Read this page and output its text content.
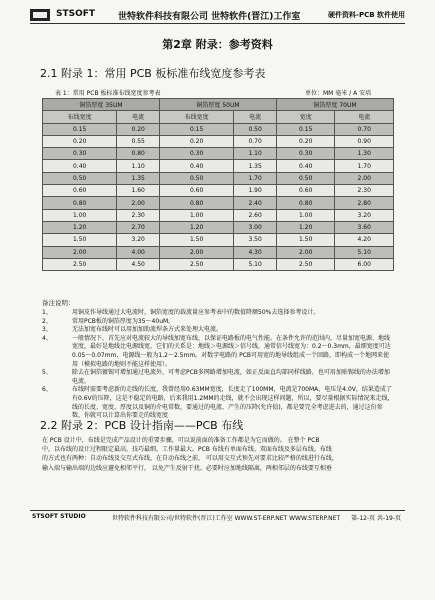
STSOFT	世特软件科技有限公司 世特软件(晋江)工作室	硬件资料-PCB 软件使用
第2章 附录：参考资料
2.1 附录 1：常用 PCB 板标准布线宽度参考表
表 1：常用 PCB 板标准布线宽度参考表	单位：MM 毫米 / A 安培
铜箔厚度 35UM		铜箔厚度 50UM		铜箔厚度 70UM	
布线宽度	电流	布线宽度	电流	宽度	电流
0.15	0.20	0.15	0.50	0.15	0.70
0.20	0.55	0.20	0.70	0.20	0.90
0.30	0.80	0.30	1.10	0.30	1.30
0.40	1.10	0.40	1.35	0.40	1.70
0.50	1.35	0.50	1.70	0.50	2.00
0.60	1.60	0.60	1.90	0.60	2.30
0.80	2.00	0.80	2.40	0.80	2.80
1.00	2.30	1.00	2.60	1.00	3.20
1.20	2.70	1.20	3.00	1.20	3.60
1.50	3.20	1.50	3.50	1.50	4.20
2.00	4.00	2.00	4.30	2.00	5.10
2.50	4.50	2.50	5.10	2.50	6.00
备注说明：
1、	用铜皮作导线通过大电流时，铜箔宽度的载流量应参考表中的数值降额50%去选择参考设计。
2、	常用PCB板的铜箔厚度为35～40uM。
3、	无法加宽布线时可以用加加助流焊条方式来处理大电流。
4、	一般情况下，首先应对电流较大的导线加宽布线，以保证电路板的电气性能。在条件允许的范围内，尽量加宽电源、地线宽度，最好是地线比电源线宽，它们的关系是：地线＞电源线＞信号线，通常信号线宽为：0.2～0.3mm，最细宽度可达0.05～0.07mm，电源线一般为1.2～2.5mm。对数字电路的 PCB可用宽的地导线组成一个回路，即构成一个地网来使用（模拟电路的地则不能这样使用）。
5、	除去在铜箔镀锡可增加通过电流外，可考虑PCB多网路增加电流，如正反面直均部同样线路，也可用加贴锡线的办法增加电流。
6、	布线时需要考虑新的走线的长度，我曾经用0.63MM宽度，长度走了100MM，电流是700MA，电压是4.0V，结果造成了有0.6V的压降，这是不稳定的电路，后来我用1.2MM的走线，就不会出现这样问题，所以，要尽量根据实际情况来走线，线的长度、宽度、厚度以及铜的介电常数，要通过的电流、产生的压降(允许值)，都是要完全考虑进去的，通过这份参数，你就可以计算出你要走的线宽度
2.2 附录 2：PCB 设计指南——PCB 布线
在 PCB 设计中，布线是完成产品设计的重要步骤，可以说前面的准备工作都是为它而做的。 在整个 PCB
中，以布线的设计过程限定最高，技巧最细，工作量最大。PCB 布线有单面布线、双面布线及多层布线。布线
的方式也有两种：自动布线及交互式布线，在自动布线之前， 可以用交互式预先对要求比较严格的线进行布线，
输入端与输出端的边线应避免相邻平行， 以免产生反射干扰。必要时应加地线隔离，两相邻层的布线要互相垂
STSOFT STUDIO	世特软件科技有限公司/世特软件(晋江)工作室 WWW.ST-ERP.NET WWW.STERP.NET 第-12-页 共-19-页
